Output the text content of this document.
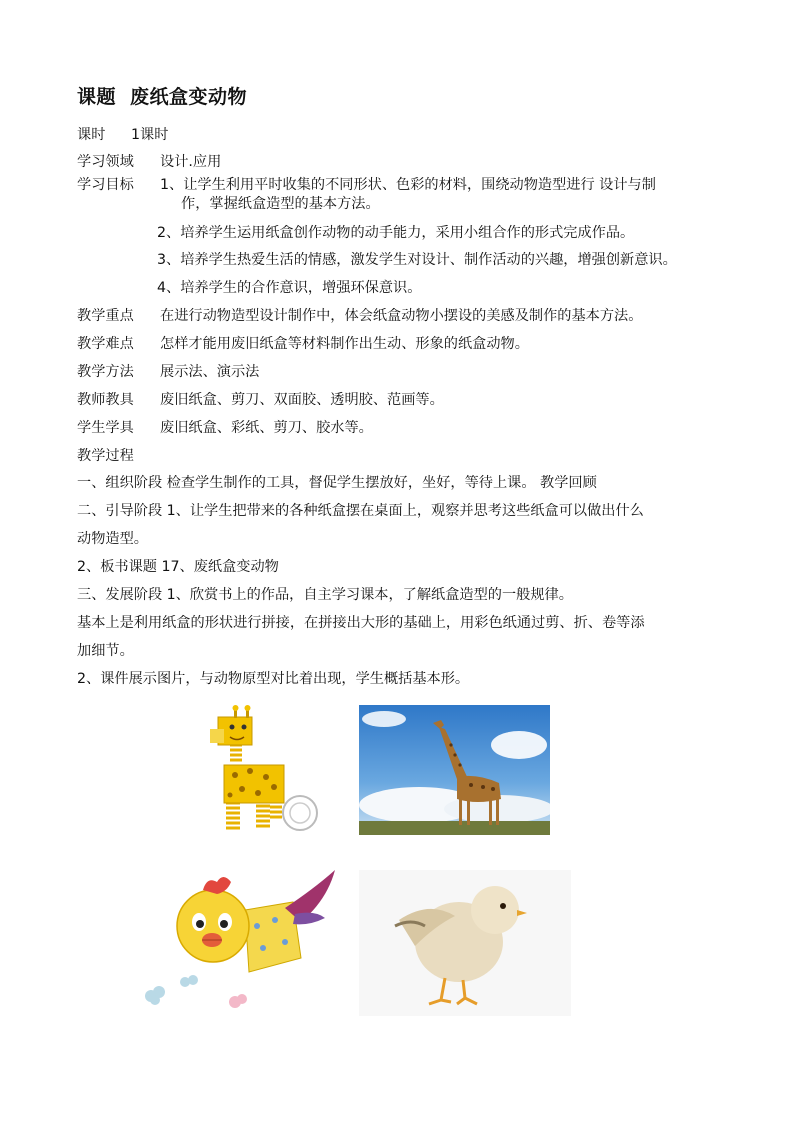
课题 废纸盒变动物
课时 1课时
学习领域 设计.应用
学习目标 1、让学生利用平时收集的不同形状、色彩的材料，围绕动物造型进行 设计与制
作，掌握纸盒造型的基本方法。
2、培养学生运用纸盒创作动物的动手能力，采用小组合作的形式完成作品。
3、培养学生热爱生活的情感，激发学生对设计、制作活动的兴趣，增强创新意识。
4、培养学生的合作意识，增强环保意识。
教学重点 在进行动物造型设计制作中，体会纸盒动物小摆设的美感及制作的基本方法。
教学难点 怎样才能用废旧纸盒等材料制作出生动、形象的纸盒动物。
教学方法 展示法、演示法
教师教具 废旧纸盒、剪刀、双面胶、透明胶、范画等。
学生学具 废旧纸盒、彩纸、剪刀、胶水等。
教学过程
一、组织阶段 检查学生制作的工具，督促学生摆放好，坐好，等待上课。 教学回顾
二、引导阶段 1、让学生把带来的各种纸盒摆在桌面上，观察并思考这些纸盒可以做出什么
动物造型。
2、板书课题 17、废纸盒变动物
三、发展阶段 1、欣赏书上的作品，自主学习课本，了解纸盒造型的一般规律。
基本上是利用纸盒的形状进行拼接，在拼接出大形的基础上，用彩色纸通过剪、折、卷等添
加细节。
2、课件展示图片，与动物原型对比着出现，学生概括基本形。
